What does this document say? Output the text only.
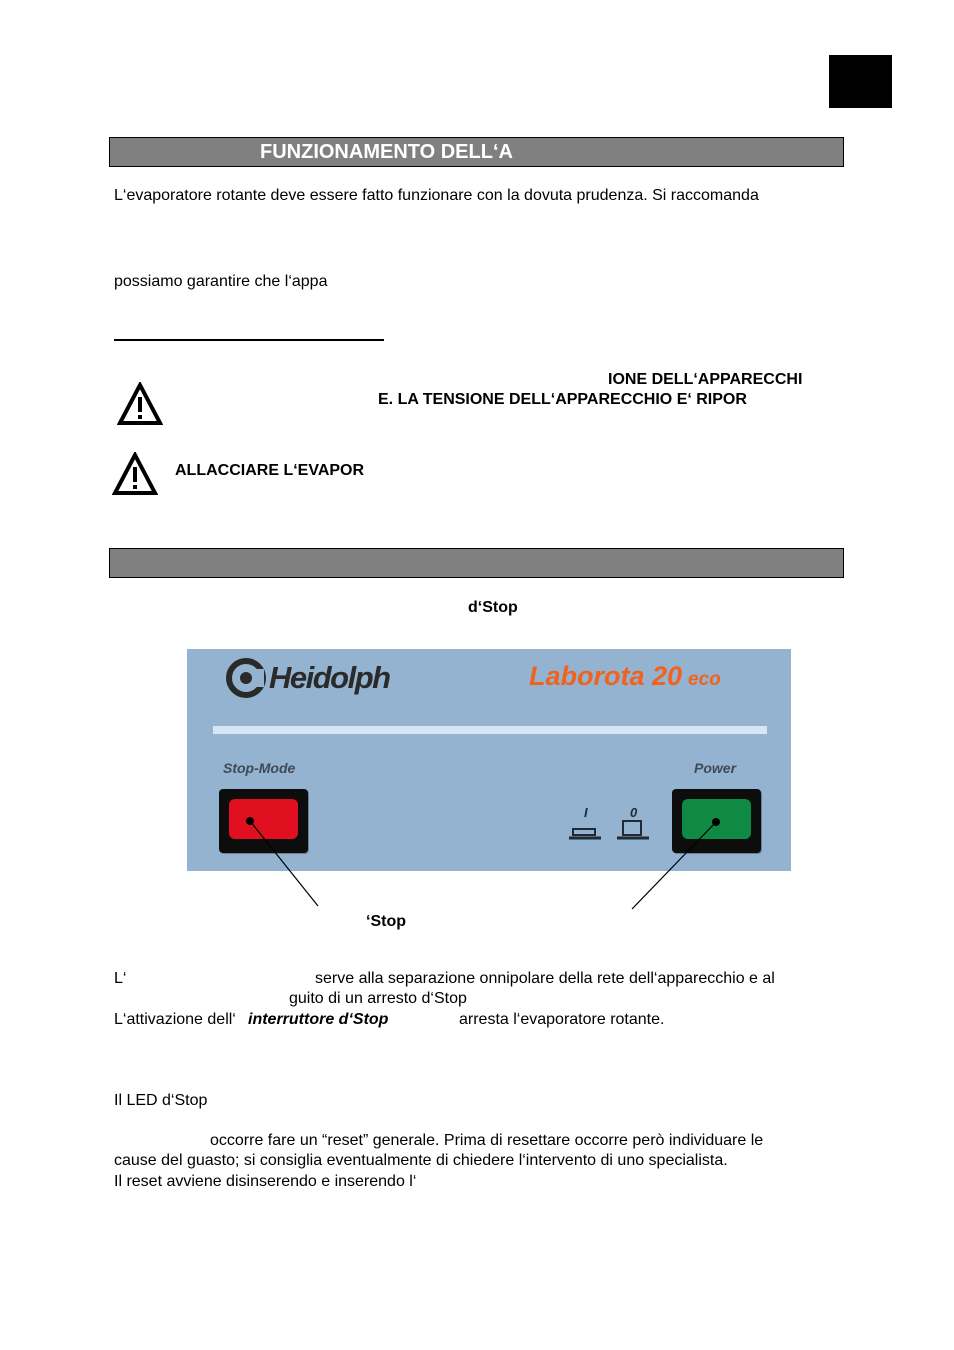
FUNZIONAMENTO DELL‘A
L‘evaporatore rotante deve essere fatto funzionare con la dovuta prudenza. Si raccomanda
possiamo garantire che l‘appa
IONE DELL‘APPARECCHI
E. LA TENSIONE DELL‘APPARECCHIO E‘ RIPOR
ALLACCIARE L‘EVAPOR
d‘Stop
Heidolph	Laborota 20 eco
Stop-Mode	Power
I	0
‘Stop
L‘	serve alla separazione onnipolare della rete dell‘apparecchio e al
guito di un arresto d‘Stop
L‘attivazione dell‘ interruttore d‘Stop	arresta l‘evaporatore rotante.
Il LED d‘Stop
occorre fare un “reset” generale. Prima di resettare occorre però individuare le
cause del guasto; si consiglia eventualmente di chiedere l‘intervento di uno specialista.
Il reset avviene disinserendo e inserendo l‘
